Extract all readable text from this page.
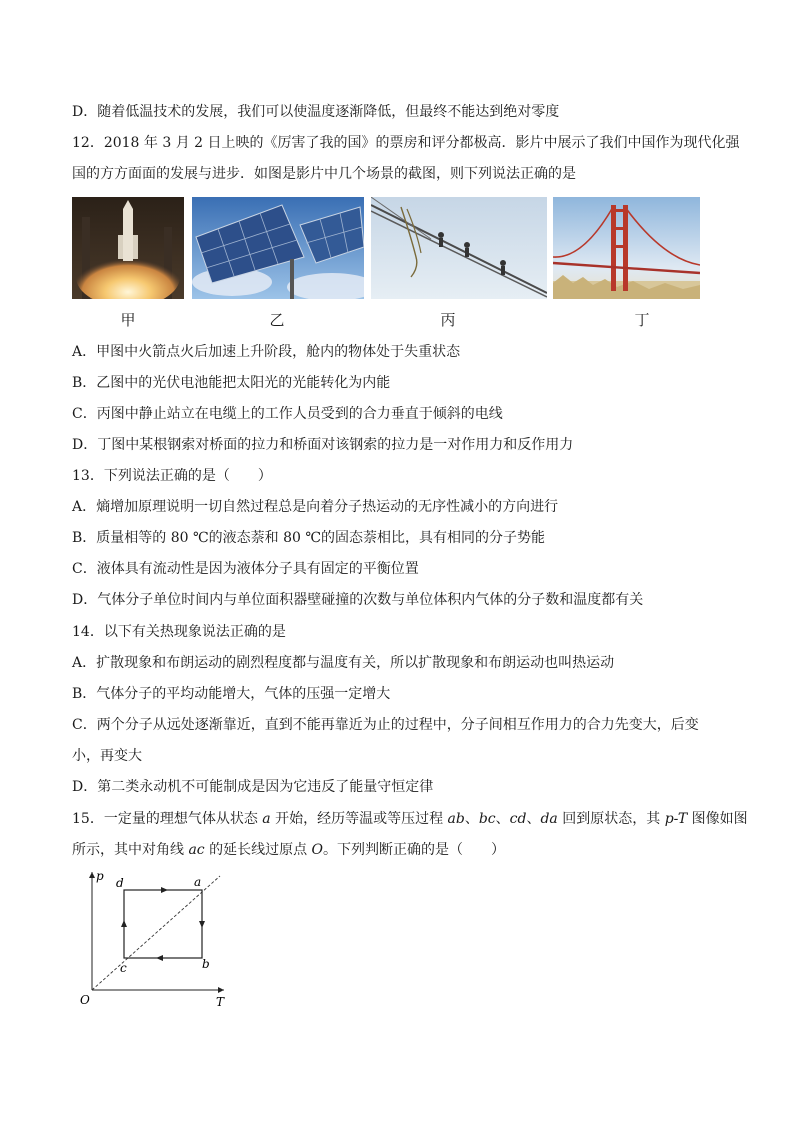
D．随着低温技术的发展，我们可以使温度逐渐降低，但最终不能达到绝对零度
12．2018 年 3 月 2 日上映的《厉害了我的国》的票房和评分都极高．影片中展示了我们中国作为现代化强
国的方方面面的发展与进步．如图是影片中几个场景的截图，则下列说法正确的是
甲	乙	丙	丁
A．甲图中火箭点火后加速上升阶段，舱内的物体处于失重状态
B．乙图中的光伏电池能把太阳光的光能转化为内能
C．丙图中静止站立在电缆上的工作人员受到的合力垂直于倾斜的电线
D．丁图中某根钢索对桥面的拉力和桥面对该钢索的拉力是一对作用力和反作用力
13．下列说法正确的是（　　）
A．熵增加原理说明一切自然过程总是向着分子热运动的无序性减小的方向进行
B．质量相等的 80 ℃的液态萘和 80 ℃的固态萘相比，具有相同的分子势能
C．液体具有流动性是因为液体分子具有固定的平衡位置
D．气体分子单位时间内与单位面积器壁碰撞的次数与单位体积内气体的分子数和温度都有关
14．以下有关热现象说法正确的是
A．扩散现象和布朗运动的剧烈程度都与温度有关，所以扩散现象和布朗运动也叫热运动
B．气体分子的平均动能增大，气体的压强一定增大
C．两个分子从远处逐渐靠近，直到不能再靠近为止的过程中，分子间相互作用力的合力先变大，后变
小，再变大
D．第二类永动机不可能制成是因为它违反了能量守恒定律
15．一定量的理想气体从状态 a 开始，经历等温或等压过程 ab、bc、cd、da 回到原状态，其 p-T 图像如图
所示，其中对角线 ac 的延长线过原点 O。下列判断正确的是（　　）
p
T
O
a
b
c
d
